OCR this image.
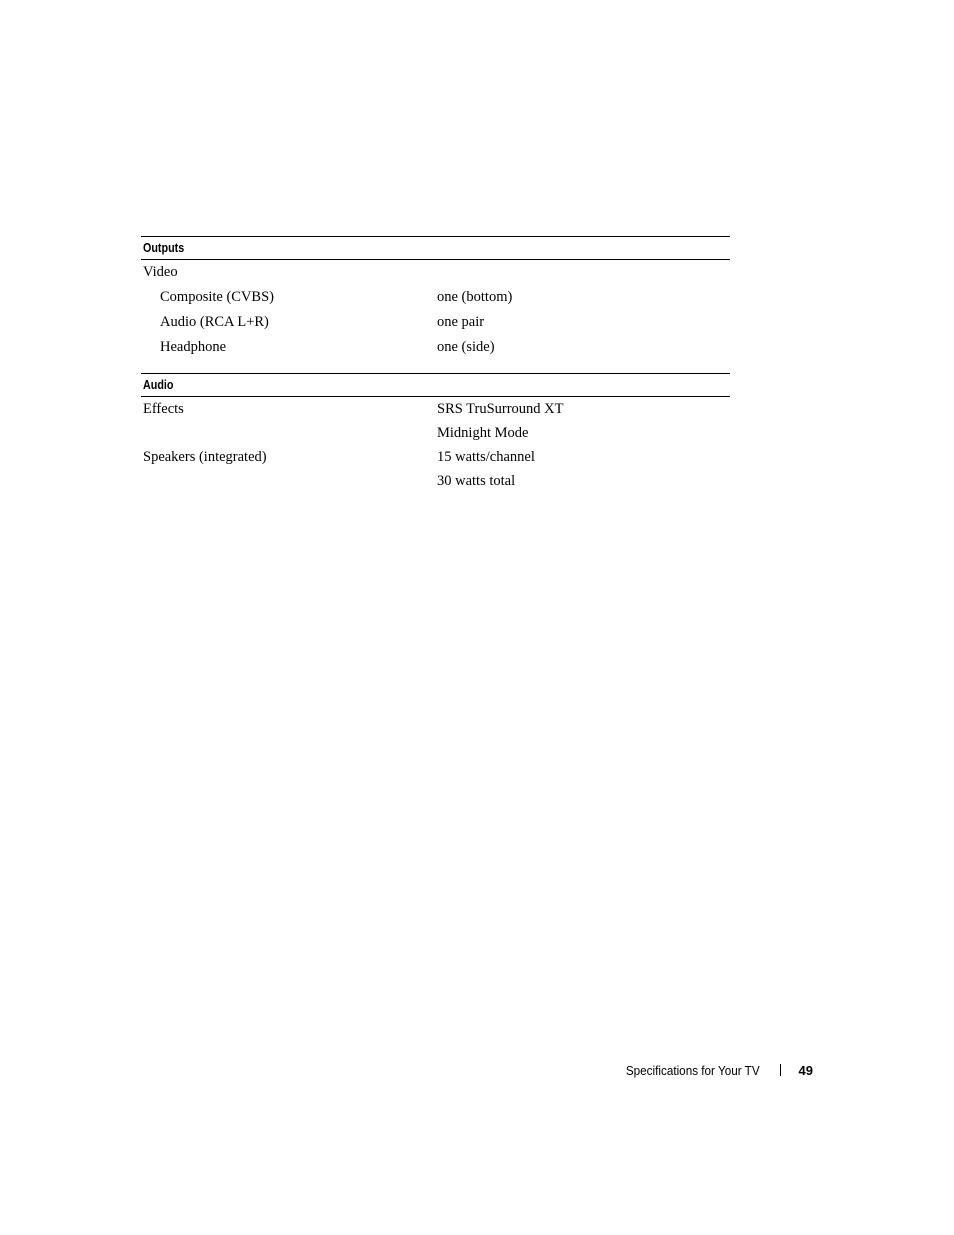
Outputs
Video
Composite (CVBS)	one (bottom)
Audio (RCA L+R)	one pair
Headphone	one (side)
Audio
Effects	SRS TruSurround XT
Midnight Mode
Speakers (integrated)	15 watts/channel
30 watts total
Specifications for Your TV	49
